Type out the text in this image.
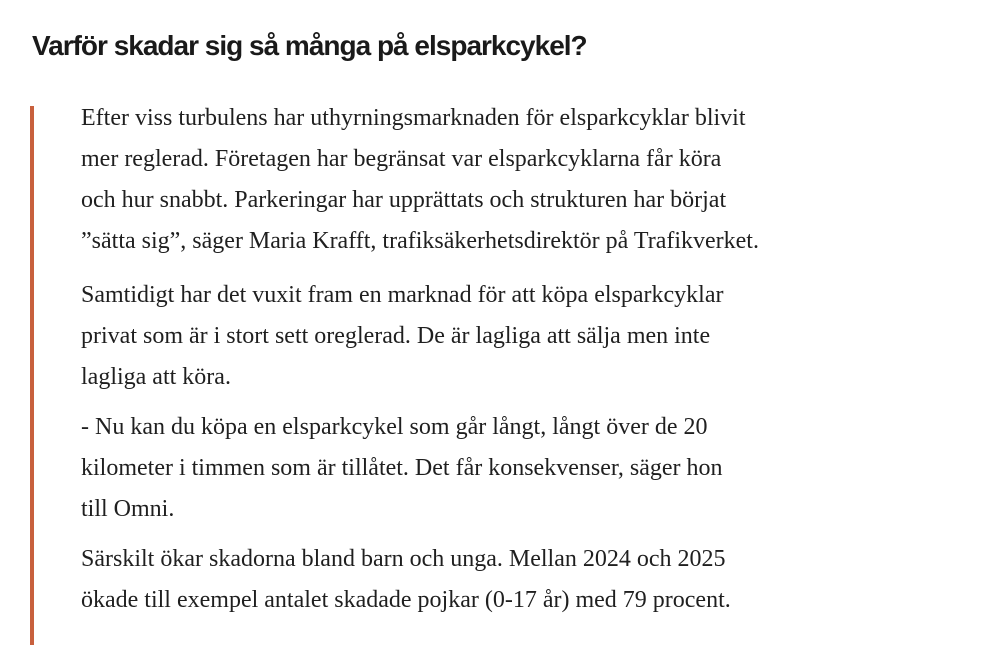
Varför skadar sig så många på elsparkcykel?

Efter viss turbulens har uthyrningsmarknaden för elsparkcyklar blivit
mer reglerad. Företagen har begränsat var elsparkcyklarna får köra
och hur snabbt. Parkeringar har upprättats och strukturen har börjat
”sätta sig”, säger Maria Krafft, trafiksäkerhetsdirektör på Trafikverket.

Samtidigt har det vuxit fram en marknad för att köpa elsparkcyklar
privat som är i stort sett oreglerad. De är lagliga att sälja men inte
lagliga att köra.

- Nu kan du köpa en elsparkcykel som går långt, långt över de 20
kilometer i timmen som är tillåtet. Det får konsekvenser, säger hon
till Omni.

Särskilt ökar skadorna bland barn och unga. Mellan 2024 och 2025
ökade till exempel antalet skadade pojkar (0-17 år) med 79 procent.
